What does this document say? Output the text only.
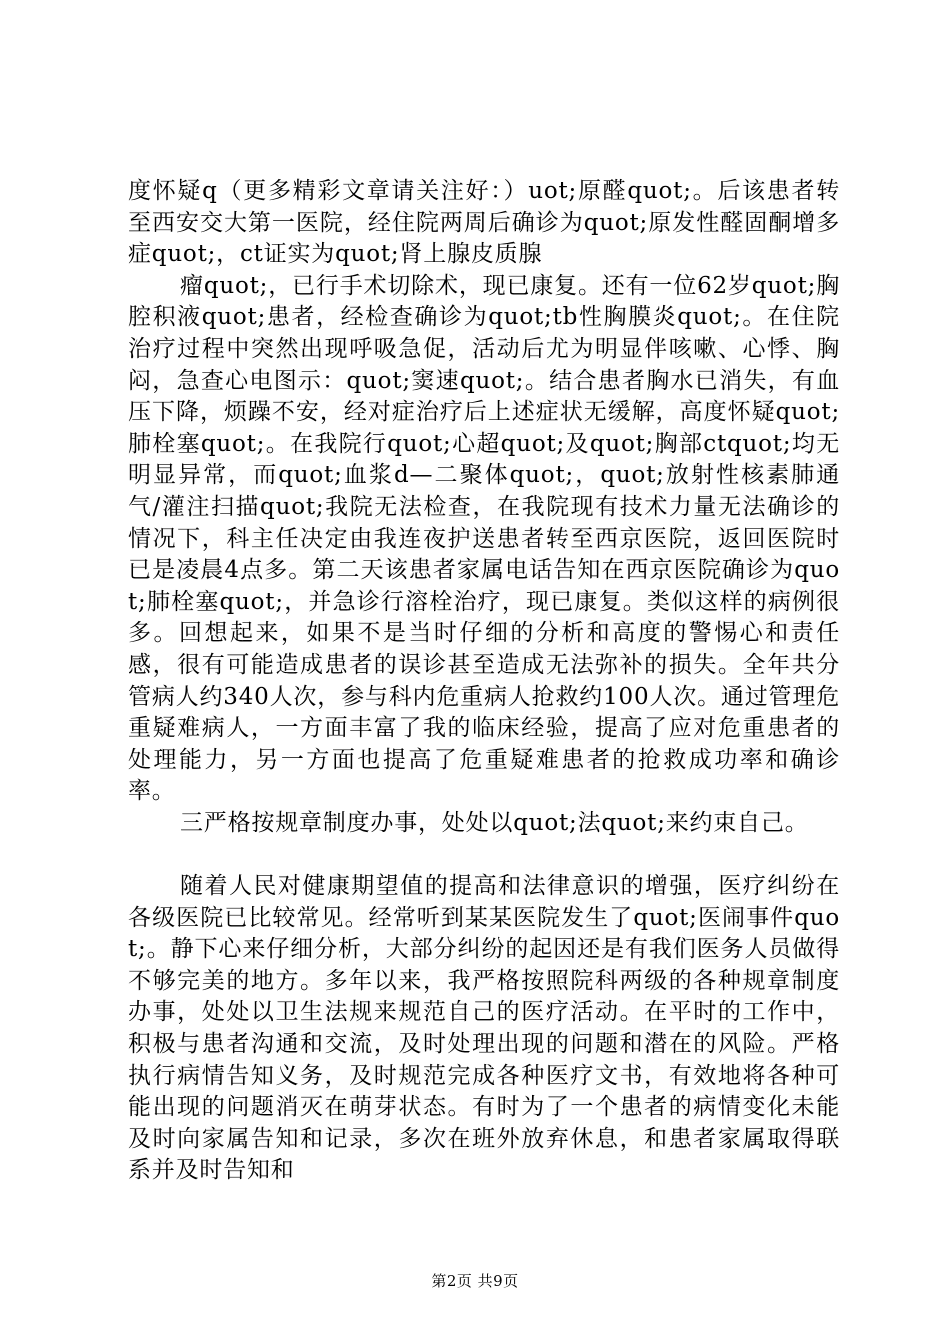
度怀疑q（更多精彩文章请关注好：）uot;原醛quot;。后该患者转至西安交大第一医院，经住院两周后确诊为quot;原发性醛固酮增多症quot;，ct证实为quot;肾上腺皮质腺

瘤quot;，已行手术切除术，现已康复。还有一位62岁quot;胸腔积液quot;患者，经检查确诊为quot;tb性胸膜炎quot;。在住院治疗过程中突然出现呼吸急促，活动后尤为明显伴咳嗽、心悸、胸闷，急查心电图示：quot;窦速quot;。结合患者胸水已消失，有血压下降，烦躁不安，经对症治疗后上述症状无缓解，高度怀疑quot;肺栓塞quot;。在我院行quot;心超quot;及quot;胸部ctquot;均无明显异常，而quot;血浆d—二聚体quot;，quot;放射性核素肺通气/灌注扫描quot;我院无法检查，在我院现有技术力量无法确诊的情况下，科主任决定由我连夜护送患者转至西京医院，返回医院时已是凌晨4点多。第二天该患者家属电话告知在西京医院确诊为quot;肺栓塞quot;，并急诊行溶栓治疗，现已康复。类似这样的病例很多。回想起来，如果不是当时仔细的分析和高度的警惕心和责任感，很有可能造成患者的误诊甚至造成无法弥补的损失。全年共分管病人约340人次，参与科内危重病人抢救约100人次。通过管理危重疑难病人，一方面丰富了我的临床经验，提高了应对危重患者的处理能力，另一方面也提高了危重疑难患者的抢救成功率和确诊率。

三严格按规章制度办事，处处以quot;法quot;来约束自己。

随着人民对健康期望值的提高和法律意识的增强，医疗纠纷在各级医院已比较常见。经常听到某某医院发生了quot;医闹事件quot;。静下心来仔细分析，大部分纠纷的起因还是有我们医务人员做得不够完美的地方。多年以来，我严格按照院科两级的各种规章制度办事，处处以卫生法规来规范自己的医疗活动。在平时的工作中，积极与患者沟通和交流，及时处理出现的问题和潜在的风险。严格执行病情告知义务，及时规范完成各种医疗文书，有效地将各种可能出现的问题消灭在萌芽状态。有时为了一个患者的病情变化未能及时向家属告知和记录，多次在班外放弃休息，和患者家属取得联系并及时告知和

第2页 共9页
